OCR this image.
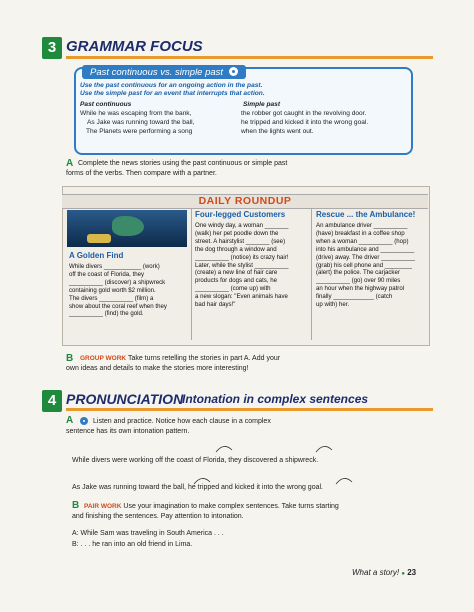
3 GRAMMAR FOCUS
Past continuous vs. simple past
Use the past continuous for an ongoing action in the past.
Use the simple past for an event that interrupts that action.
Past continuous	Simple past
While he was escaping from the bank,	the robber got caught in the revolving door.
As Jake was running toward the ball,	he tripped and kicked it into the wrong goal.
The Planets were performing a song	when the lights went out.
A Complete the news stories using the past continuous or simple past
forms of the verbs. Then compare with a partner.
DAILY ROUNDUP
A Golden Find
While divers ___________ (work)
off the coast of Florida, they
__________ (discover) a shipwreck
containing gold worth $2 million.
The divers __________ (film) a
show about the coral reef when they
__________ (find) the gold.
Four-legged Customers
One windy day, a woman _______
(walk) her pet poodle down the
street. A hairstylist _______ (see)
the dog through a window and
__________ (notice) its crazy hair!
Later, while the stylist __________
(create) a new line of hair care
products for dogs and cats, he
__________ (come up) with
a new slogan: "Even animals have
bad hair days!"
Rescue ... the Ambulance!
An ambulance driver __________
(have) breakfast in a coffee shop
when a woman __________ (hop)
into his ambulance and __________
(drive) away. The driver __________
(grab) his cell phone and ________
(alert) the police. The carjacker
__________ (go) over 90 miles
an hour when the highway patrol
finally ____________ (catch
up with) her.
B GROUP WORK Take turns retelling the stories in part A. Add your
own ideas and details to make the stories more interesting!
4 PRONUNCIATION
Intonation in complex sentences
A	Listen and practice. Notice how each clause in a complex
sentence has its own intonation pattern.
While divers were working off the coast of Florida, they discovered a shipwreck.
As Jake was running toward the ball, he tripped and kicked it into the wrong goal.
B PAIR WORK Use your imagination to make complex sentences. Take turns starting
and finishing the sentences. Pay attention to intonation.
A: While Sam was traveling in South America . . .
B: . . . he ran into an old friend in Lima.
What a story! ● 23
